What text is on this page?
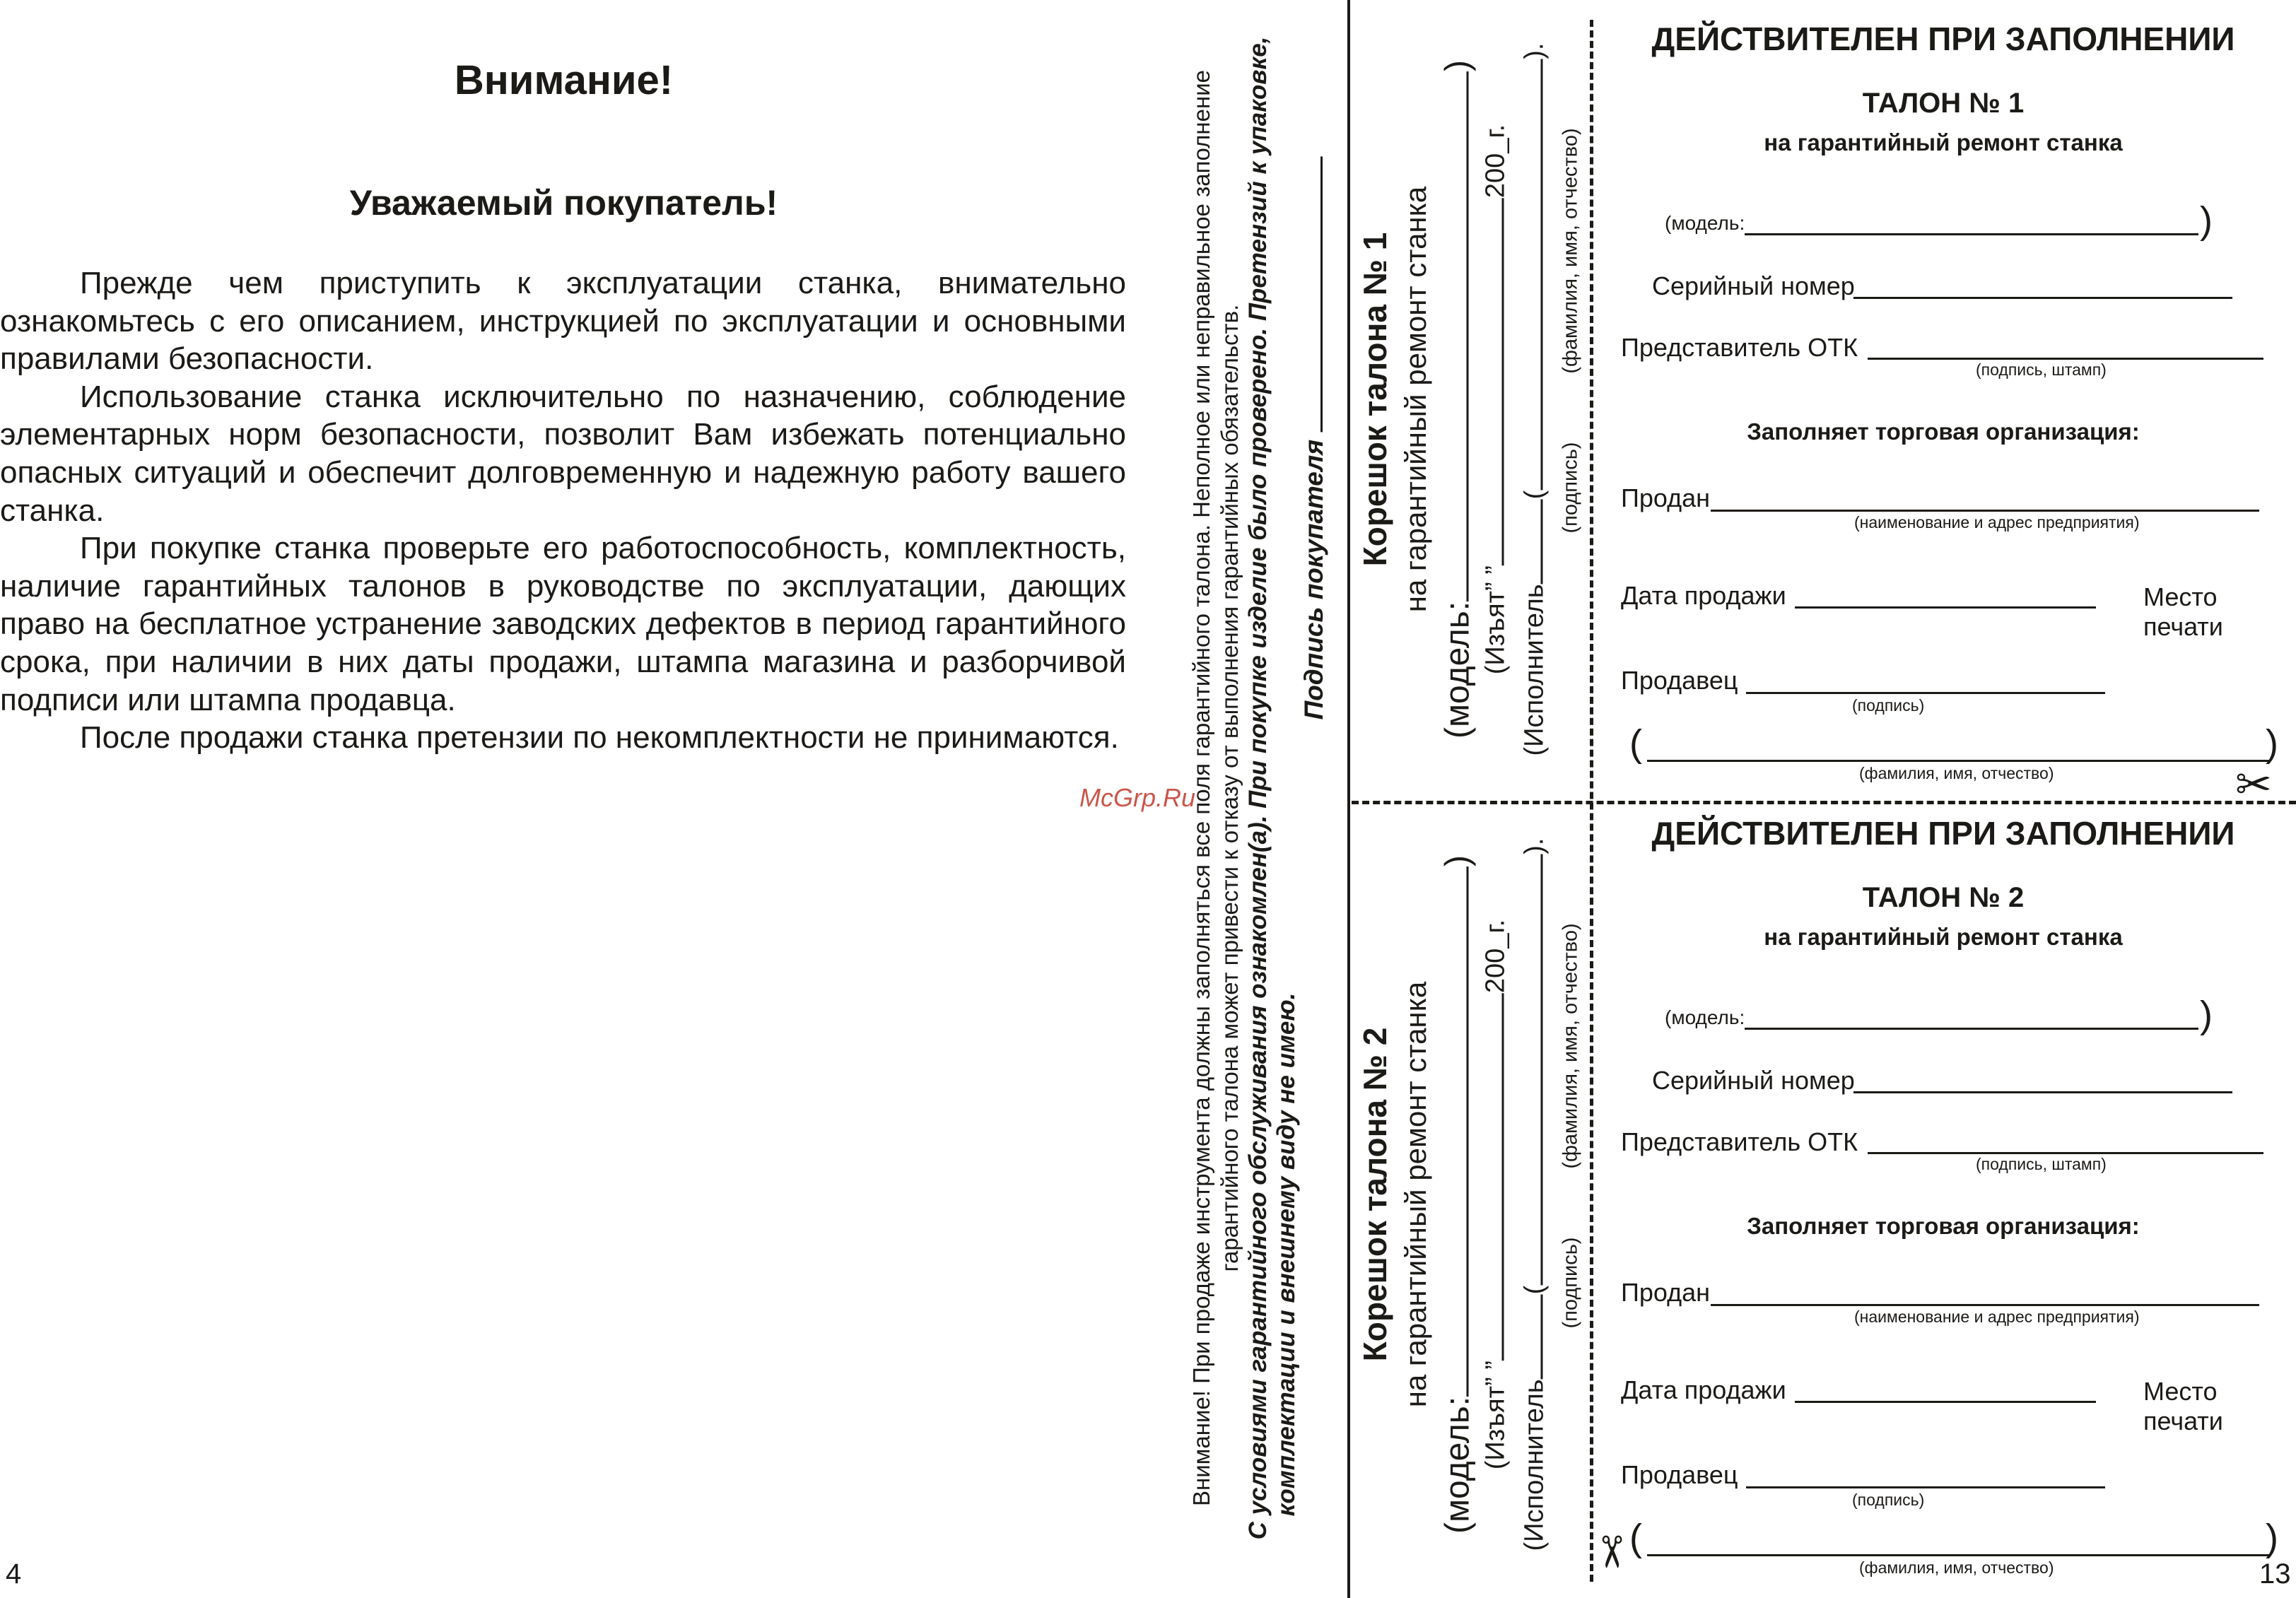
Внимание!
Уважаемый покупатель!

Прежде чем приступить к эксплуатации станка, внимательно ознакомьтесь с его описанием, инструкцией по эксплуатации и основными правилами безопасности.

Использование станка исключительно по назначению, соблюдение элементарных норм безопасности, позволит Вам избежать потенциально опасных ситуаций и обеспечит долговременную и надежную работу вашего станка.

При покупке станка проверьте его работоспособность, комплектность, наличие гарантийных талонов в руководстве по эксплуатации, дающих право на бесплатное устранение заводских дефектов в период гарантийного срока, при наличии в них даты продажи, штампа магазина и разборчивой подписи или штампа продавца.

После продажи станка претензии по некомплектности не принимаются.

4
McGrp.Ru
Внимание! При продаже инструмента должны заполняться все поля гарантийного талона. Неполное или неправильное заполнение гарантийного талона может привести к отказу от выполнения гарантийных обязательств. С условиями гарантийного обслуживания ознакомлен(а). При покупке изделие было проверено. Претензий к упаковке, комплектации и внешнему виду не имею.
Подпись покупателя
Корешок талона № 1 на гарантийный ремонт станка
(модель:)
(Изъят” ”200_г.
(Исполнитель().
(подпись)
(фамилия, имя, отчество)
Корешок талона № 2 на гарантийный ремонт станка
(модель:)
(Изъят” ”200_г.
(Исполнитель().
(подпись)
(фамилия, имя, отчество)
ДЕЙСТВИТЕЛЕН ПРИ ЗАПОЛНЕНИИ
ТАЛОН № 1
на гарантийный ремонт станка
(модель:	)
Серийный номер
Представитель ОТК
(подпись, штамп)
Заполняет торговая организация:
Продан
(наименование и адрес предприятия)
Дата продажи	Место
печати
Продавец
(подпись)
(	)
(фамилия, имя, отчество)
ДЕЙСТВИТЕЛЕН ПРИ ЗАПОЛНЕНИИ
ТАЛОН № 2
на гарантийный ремонт станка
(модель:	)
Серийный номер
Представитель ОТК
(подпись, штамп)
Заполняет торговая организация:
Продан
(наименование и адрес предприятия)
Дата продажи	Место
печати
Продавец
(подпись)
(	)
(фамилия, имя, отчество)
✂
✂
13
